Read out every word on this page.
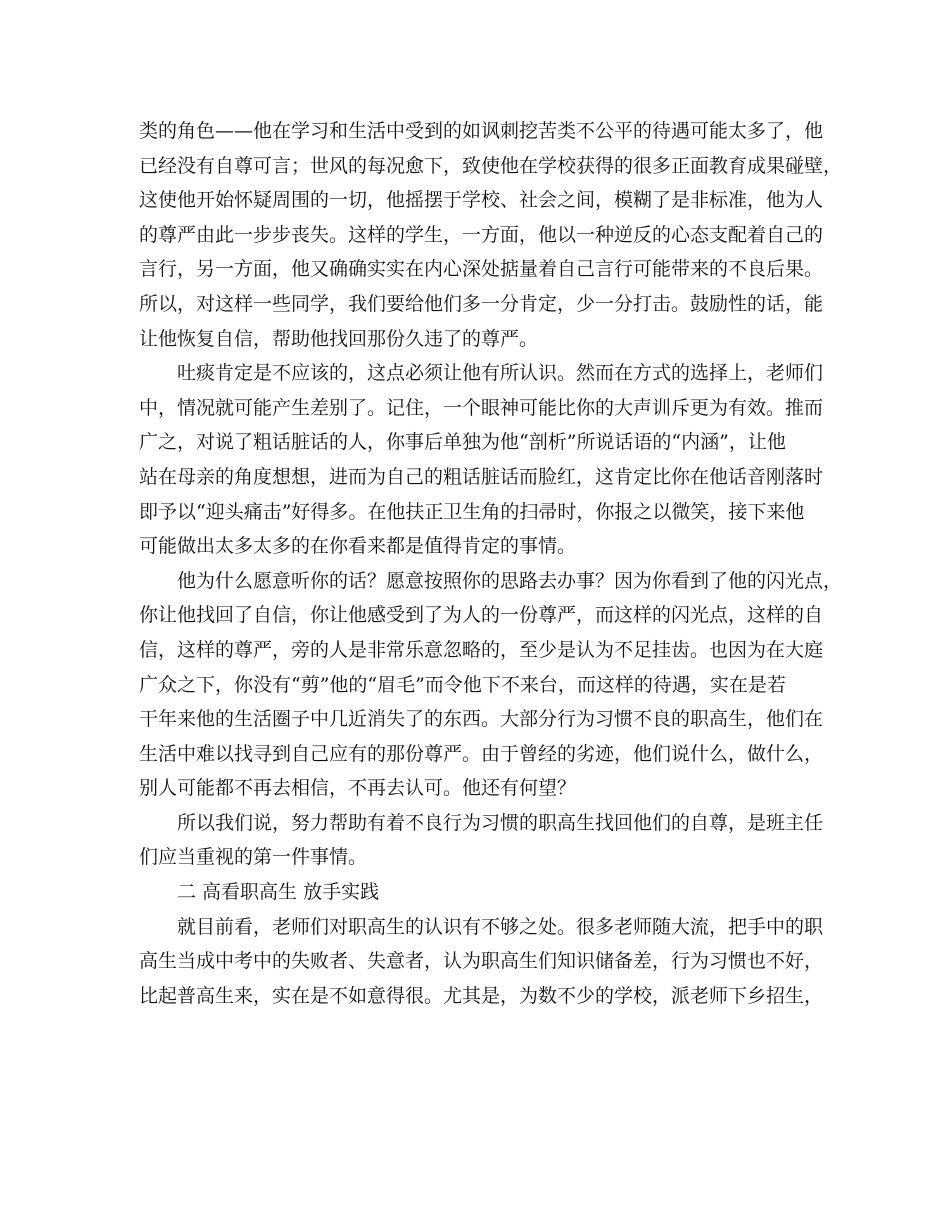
类的角色——他在学习和生活中受到的如讽刺挖苦类不公平的待遇可能太多了，他
已经没有自尊可言；世风的每况愈下，致使他在学校获得的很多正面教育成果碰壁，
这使他开始怀疑周围的一切，他摇摆于学校、社会之间，模糊了是非标准，他为人
的尊严由此一步步丧失。这样的学生，一方面，他以一种逆反的心态支配着自己的
言行，另一方面，他又确确实实在内心深处掂量着自己言行可能带来的不良后果。
所以，对这样一些同学，我们要给他们多一分肯定，少一分打击。鼓励性的话，能
让他恢复自信，帮助他找回那份久违了的尊严。
吐痰肯定是不应该的，这点必须让他有所认识。然而在方式的选择上，老师们
中，情况就可能产生差别了。记住，一个眼神可能比你的大声训斥更为有效。推而
广之，对说了粗话脏话的人，你事后单独为他“剖析”所说话语的“内涵”，让他
站在母亲的角度想想，进而为自己的粗话脏话而脸红，这肯定比你在他话音刚落时
即予以“迎头痛击”好得多。在他扶正卫生角的扫帚时，你报之以微笑，接下来他
可能做出太多太多的在你看来都是值得肯定的事情。
他为什么愿意听你的话？愿意按照你的思路去办事？因为你看到了他的闪光点，
你让他找回了自信，你让他感受到了为人的一份尊严，而这样的闪光点，这样的自
信，这样的尊严，旁的人是非常乐意忽略的，至少是认为不足挂齿。也因为在大庭
广众之下，你没有“剪”他的“眉毛”而令他下不来台，而这样的待遇，实在是若
干年来他的生活圈子中几近消失了的东西。大部分行为习惯不良的职高生，他们在
生活中难以找寻到自己应有的那份尊严。由于曾经的劣迹，他们说什么，做什么，
别人可能都不再去相信，不再去认可。他还有何望？
所以我们说，努力帮助有着不良行为习惯的职高生找回他们的自尊，是班主任
们应当重视的第一件事情。
二 高看职高生 放手实践
就目前看，老师们对职高生的认识有不够之处。很多老师随大流，把手中的职
高生当成中考中的失败者、失意者，认为职高生们知识储备差，行为习惯也不好，
比起普高生来，实在是不如意得很。尤其是，为数不少的学校，派老师下乡招生，
